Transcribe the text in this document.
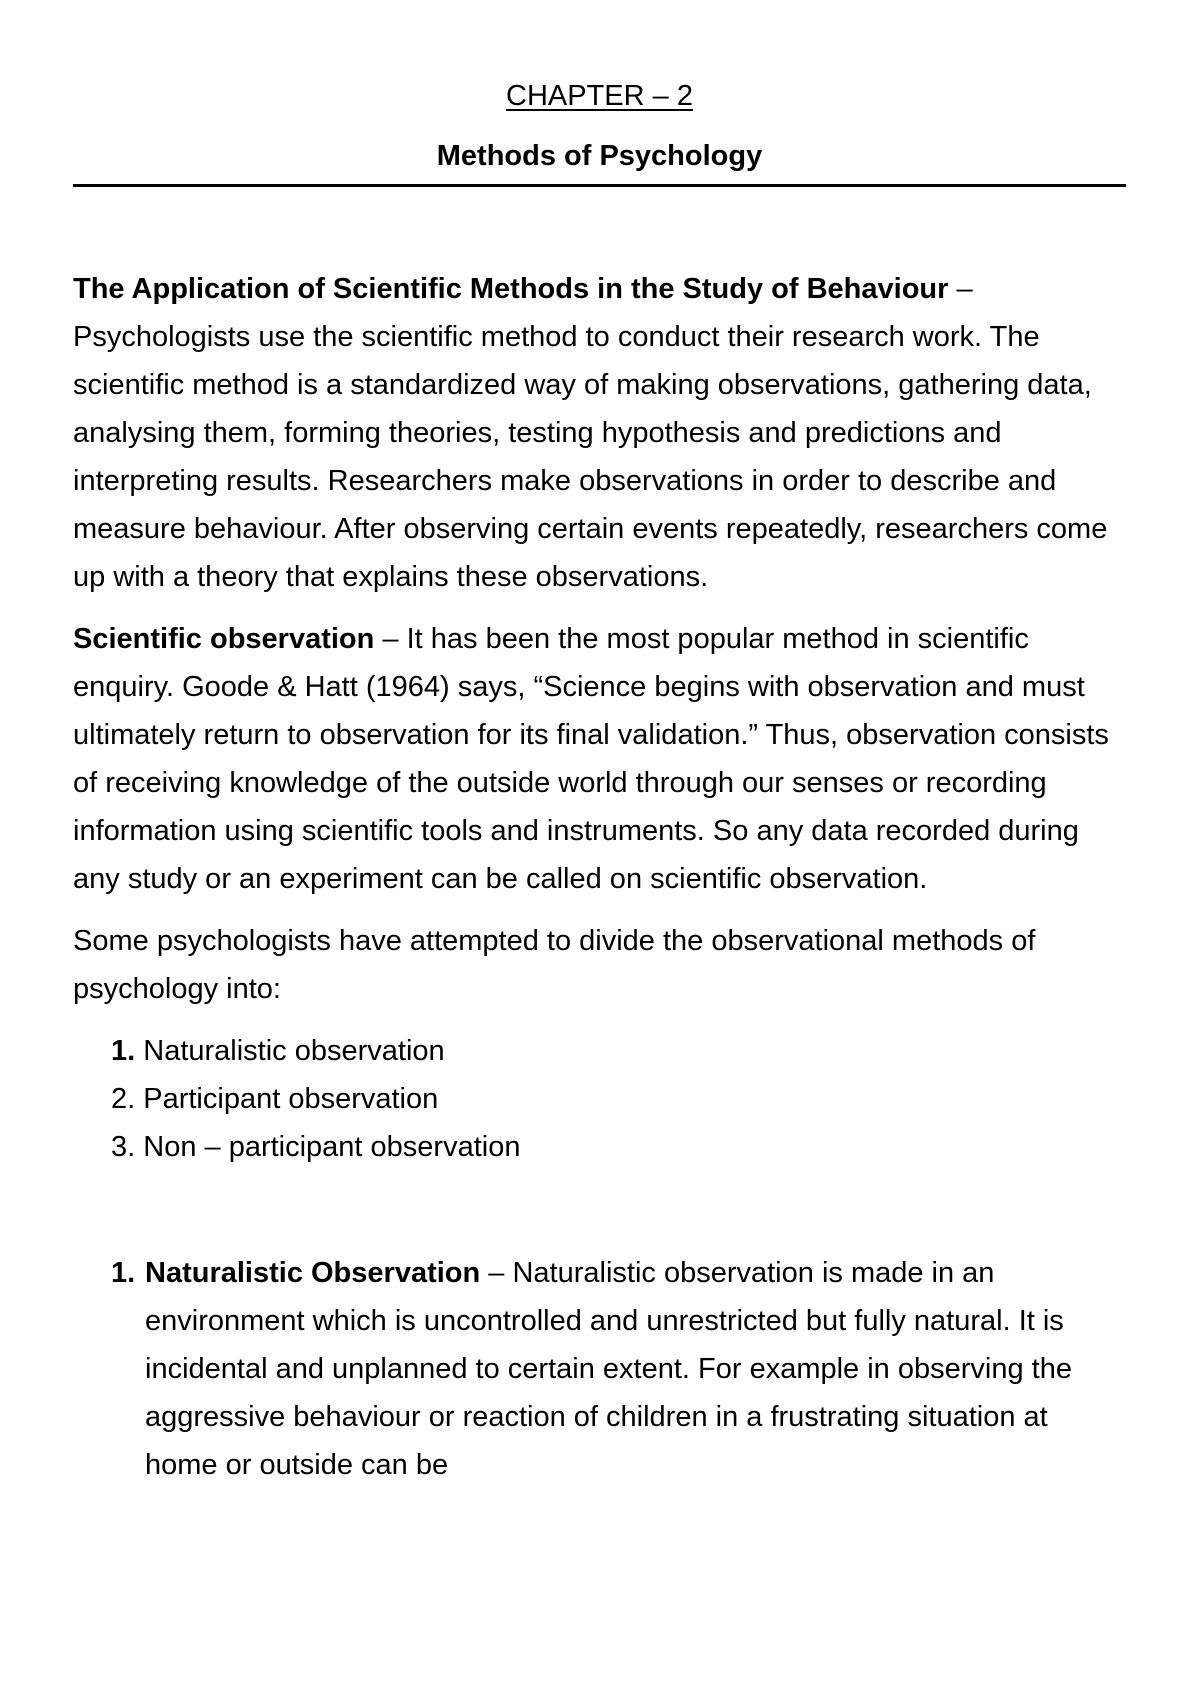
CHAPTER – 2

Methods of Psychology

The Application of Scientific Methods in the Study of Behaviour – Psychologists use the scientific method to conduct their research work. The scientific method is a standardized way of making observations, gathering data, analysing them, forming theories, testing hypothesis and predictions and interpreting results. Researchers make observations in order to describe and measure behaviour. After observing certain events repeatedly, researchers come up with a theory that explains these observations.

Scientific observation – It has been the most popular method in scientific enquiry. Goode & Hatt (1964) says, “Science begins with observation and must ultimately return to observation for its final validation.” Thus, observation consists of receiving knowledge of the outside world through our senses or recording information using scientific tools and instruments. So any data recorded during any study or an experiment can be called on scientific observation.

Some psychologists have attempted to divide the observational methods of psychology into:

1. Naturalistic observation
2. Participant observation
3. Non – participant observation
1. Naturalistic Observation – Naturalistic observation is made in an environment which is uncontrolled and unrestricted but fully natural. It is incidental and unplanned to certain extent. For example in observing the aggressive behaviour or reaction of children in a frustrating situation at home or outside can be
